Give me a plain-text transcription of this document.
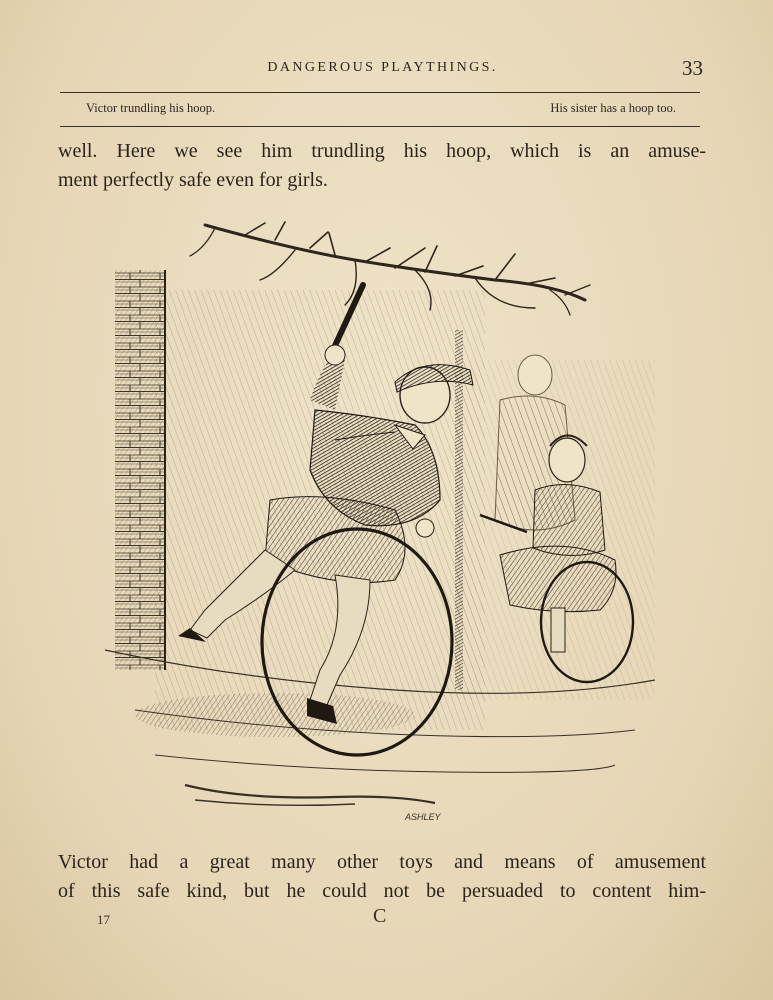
DANGEROUS PLAYTHINGS.	33
Victor trundling his hoop.	His sister has a hoop too.
well. Here we see him trundling his hoop, which is an amuse-
ment perfectly safe even for girls.
ASHLEY
Victor had a great many other toys and means of amusement
of this safe kind, but he could not be persuaded to content him-
17	C
